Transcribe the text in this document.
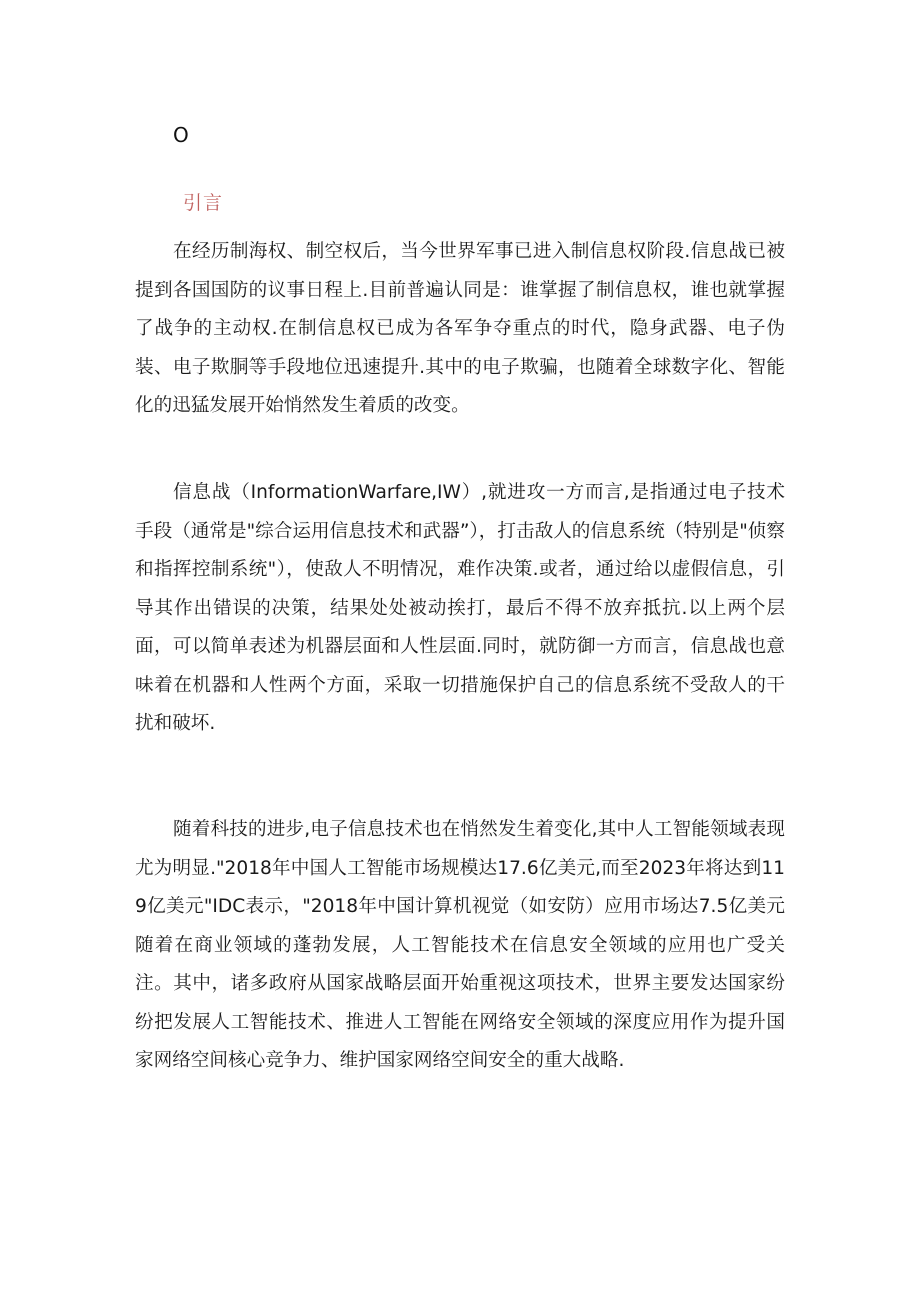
O
引言

在经历制海权、制空权后，当今世界军事已进入制信息权阶段.信息战已被提到各国国防的议事日程上.目前普遍认同是：谁掌握了制信息权，谁也就掌握了战争的主动权.在制信息权已成为各军争夺重点的时代，隐身武器、电子伪装、电子欺胴等手段地位迅速提升.其中的电子欺骗，也随着全球数字化、智能化的迅猛发展开始悄然发生着质的改变。

信息战（InformationWarfare,IW）,就进攻一方而言,是指通过电子技术手段（通常是"综合运用信息技术和武器”），打击敌人的信息系统（特别是"侦察和指挥控制系统"），使敌人不明情况，难作决策.或者，通过给以虚假信息，引导其作出错误的决策，结果处处被动挨打，最后不得不放弃抵抗.以上两个层面，可以简单表述为机器层面和人性层面.同时，就防御一方而言，信息战也意味着在机器和人性两个方面，采取一切措施保护自己的信息系统不受敌人的干扰和破坏.

随着科技的进步,电子信息技术也在悄然发生着变化,其中人工智能领域表现尤为明显."2018年中国人工智能市场规模达17.6亿美元,而至2023年将达到119亿美元"IDC表示，"2018年中国计算机视觉（如安防）应用市场达7.5亿美元随着在商业领域的蓬勃发展，人工智能技术在信息安全领域的应用也广受关注。其中，诸多政府从国家战略层面开始重视这项技术，世界主要发达国家纷纷把发展人工智能技术、推进人工智能在网络安全领域的深度应用作为提升国家网络空间核心竞争力、维护国家网络空间安全的重大战略.
